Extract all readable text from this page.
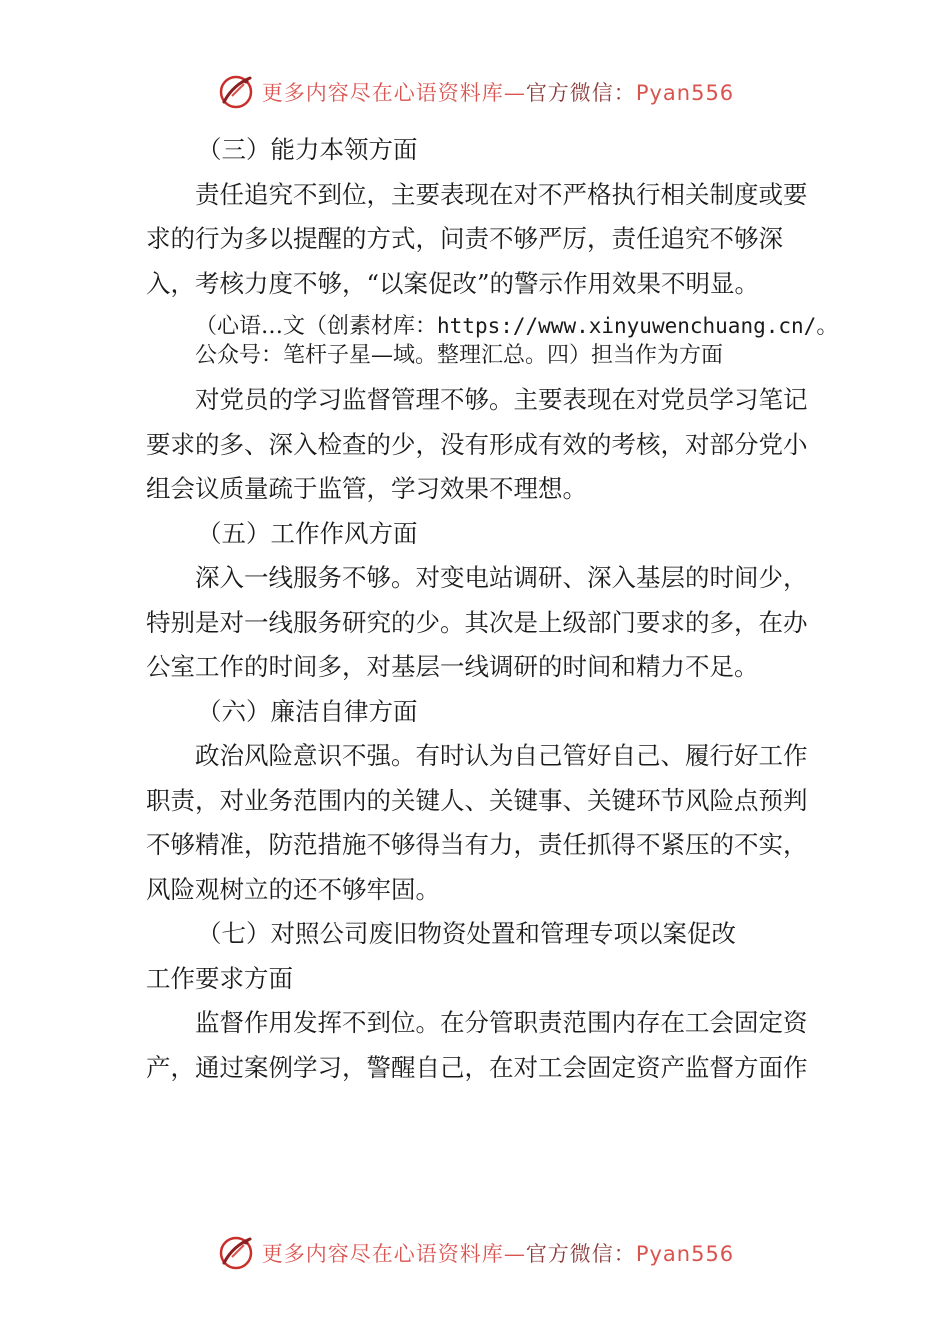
更多内容尽在心语资料库—官方微信：Pyan556

（三）能力本领方面

责任追究不到位，主要表现在对不严格执行相关制度或要求的行为多以提醒的方式，问责不够严厉，责任追究不够深入，考核力度不够，“以案促改”的警示作用效果不明显。

（心语…文（创素材库：https://www.xinyuwenchuang.cn/。公众号：笔杆子星—域。整理汇总。四）担当作为方面

对党员的学习监督管理不够。主要表现在对党员学习笔记要求的多、深入检查的少，没有形成有效的考核，对部分党小组会议质量疏于监管，学习效果不理想。

（五）工作作风方面

深入一线服务不够。对变电站调研、深入基层的时间少，特别是对一线服务研究的少。其次是上级部门要求的多，在办公室工作的时间多，对基层一线调研的时间和精力不足。

（六）廉洁自律方面

政治风险意识不强。有时认为自己管好自己、履行好工作职责，对业务范围内的关键人、关键事、关键环节风险点预判不够精准，防范措施不够得当有力，责任抓得不紧压的不实，风险观树立的还不够牢固。

（七）对照公司废旧物资处置和管理专项以案促改

工作要求方面

监督作用发挥不到位。在分管职责范围内存在工会固定资产，通过案例学习，警醒自己，在对工会固定资产监督方面作

更多内容尽在心语资料库—官方微信：Pyan556
